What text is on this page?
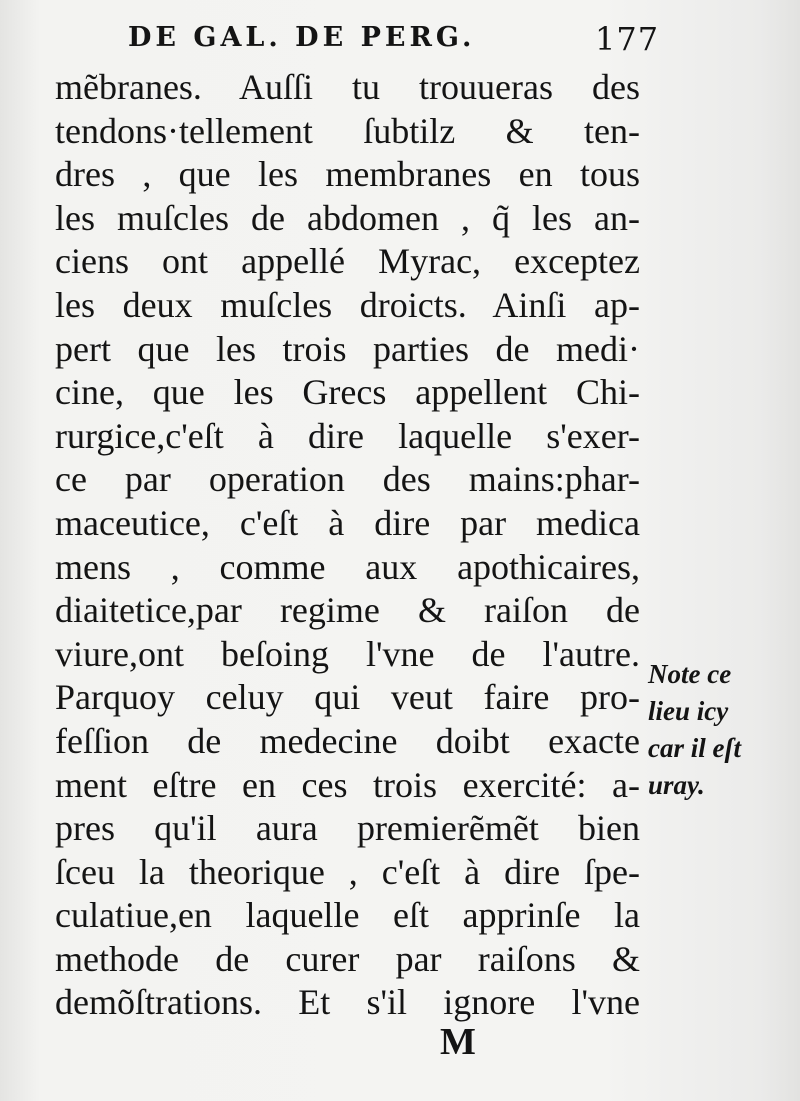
DE GAL. DE PERG.	177
mẽbranes. Auſſi tu trouueras des
tendons·tellement ſubtilz & ten-
dres , que les membranes en tous
les muſcles de abdomen , q̃ les an-
ciens ont appellé Myrac, exceptez
les deux muſcles droicts. Ainſi ap-
pert que les trois parties de medi·
cine, que les Grecs appellent Chi-
rurgice,c'eſt à dire laquelle s'exer-
ce par operation des mains:phar-
maceutice, c'eſt à dire par medica
mens , comme aux apothicaires,
diaitetice,par regime & raiſon de
viure,ont beſoing l'vne de l'autre.
Parquoy celuy qui veut faire pro-
feſſion de medecine doibt exacte
ment eſtre en ces trois exercité: a-
pres qu'il aura premierẽmẽt bien
ſceu la theorique , c'eſt à dire ſpe-
culatiue,en laquelle eſt apprinſe la
methode de curer par raiſons &
demõſtrations. Et s'il ignore l'vne
Note ce
lieu icy
car il eſt
uray.
M
